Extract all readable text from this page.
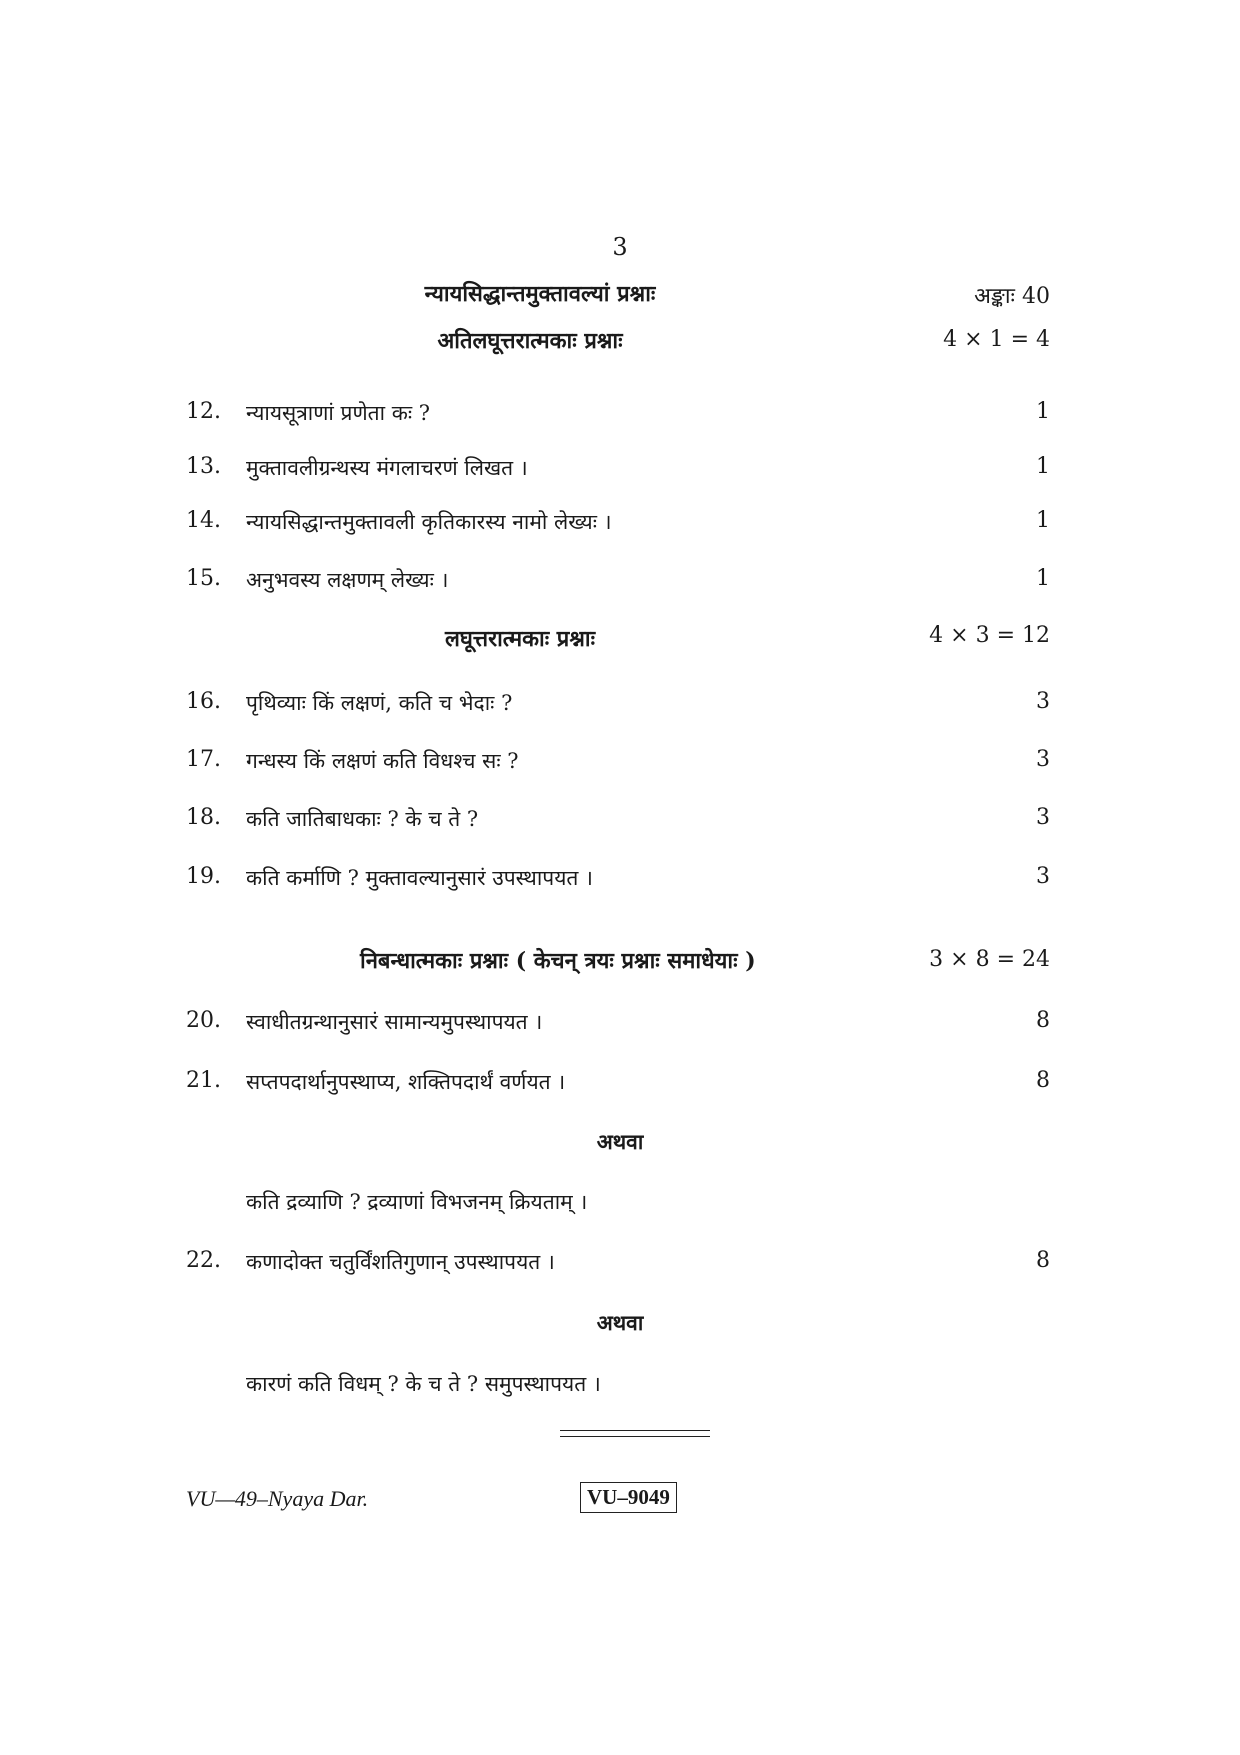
3
न्यायसिद्धान्तमुक्तावल्यां प्रश्नाः	अङ्काः 40
अतिलघूत्तरात्मकाः प्रश्नाः	4 × 1 = 4
12.	न्यायसूत्राणां प्रणेता कः ?	1
13.	मुक्तावलीग्रन्थस्य मंगलाचरणं लिखत ।	1
14.	न्यायसिद्धान्तमुक्तावली कृतिकारस्य नामो लेख्यः ।	1
15.	अनुभवस्य लक्षणम् लेख्यः ।	1
लघूत्तरात्मकाः प्रश्नाः	4 × 3 = 12
16.	पृथिव्याः किं लक्षणं, कति च भेदाः ?	3
17.	गन्धस्य किं लक्षणं कति विधश्च सः ?	3
18.	कति जातिबाधकाः ? के च ते ?	3
19.	कति कर्माणि ? मुक्तावल्यानुसारं उपस्थापयत ।	3
निबन्धात्मकाः प्रश्नाः ( केचन् त्रयः प्रश्नाः समाधेयाः )	3 × 8 = 24
20.	स्वाधीतग्रन्थानुसारं सामान्यमुपस्थापयत ।	8
21.	सप्तपदार्थानुपस्थाप्य, शक्तिपदार्थं वर्णयत ।	8
अथवा
कति द्रव्याणि ? द्रव्याणां विभजनम् क्रियताम् ।
22.	कणादोक्त चतुर्विंशतिगुणान् उपस्थापयत ।	8
अथवा
कारणं कति विधम् ? के च ते ? समुपस्थापयत ।
VU—49–Nyaya Dar.	VU–9049
